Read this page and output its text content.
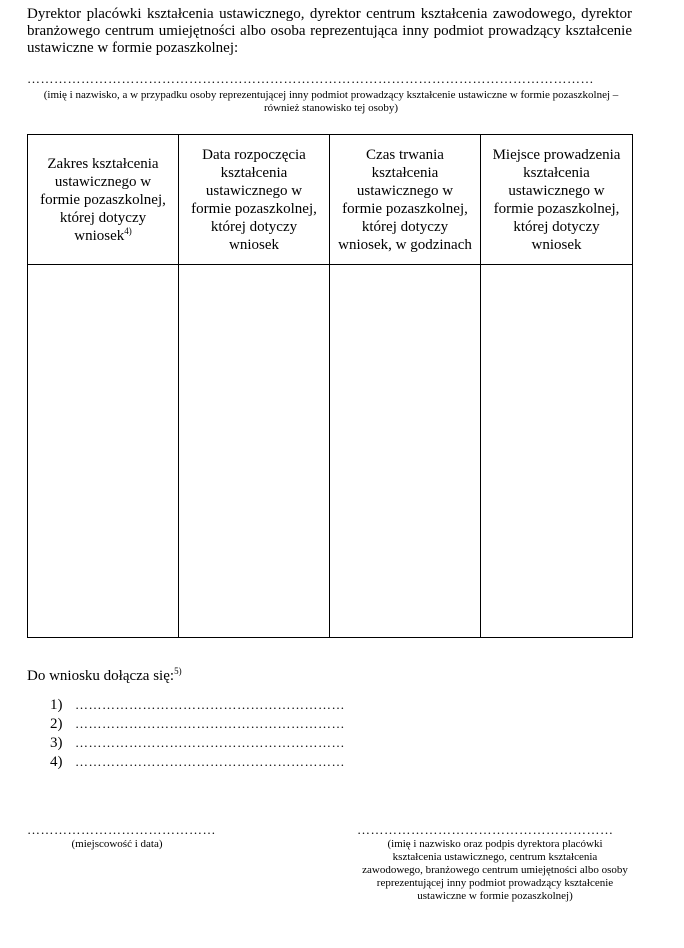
Dyrektor placówki kształcenia ustawicznego, dyrektor centrum kształcenia zawodowego, dyrektor branżowego centrum umiejętności albo osoba reprezentująca inny podmiot prowadzący kształcenie ustawiczne w formie pozaszkolnej:
………………………………………………………………………………………………………………
(imię i nazwisko, a w przypadku osoby reprezentującej inny podmiot prowadzący kształcenie ustawiczne w formie pozaszkolnej – również stanowisko tej osoby)
Zakres kształcenia ustawicznego w formie pozaszkolnej, której dotyczy wniosek$^{4)}$	Data rozpoczęcia kształcenia ustawicznego w formie pozaszkolnej, której dotyczy wniosek	Czas trwania kształcenia ustawicznego w formie pozaszkolnej, której dotyczy wniosek, w godzinach	Miejsce prowadzenia kształcenia ustawicznego w formie pozaszkolnej, której dotyczy wniosek

Do wniosku dołącza się:$^{5)}$
1) ……………………………………………………
2) ……………………………………………………
3) ……………………………………………………
4) ……………………………………………………
……………………………………
(miejscowość i data)
…………………………………………………
(imię i nazwisko oraz podpis dyrektora placówki kształcenia ustawicznego, centrum kształcenia zawodowego, branżowego centrum umiejętności albo osoby reprezentującej inny podmiot prowadzący kształcenie ustawiczne w formie pozaszkolnej)
